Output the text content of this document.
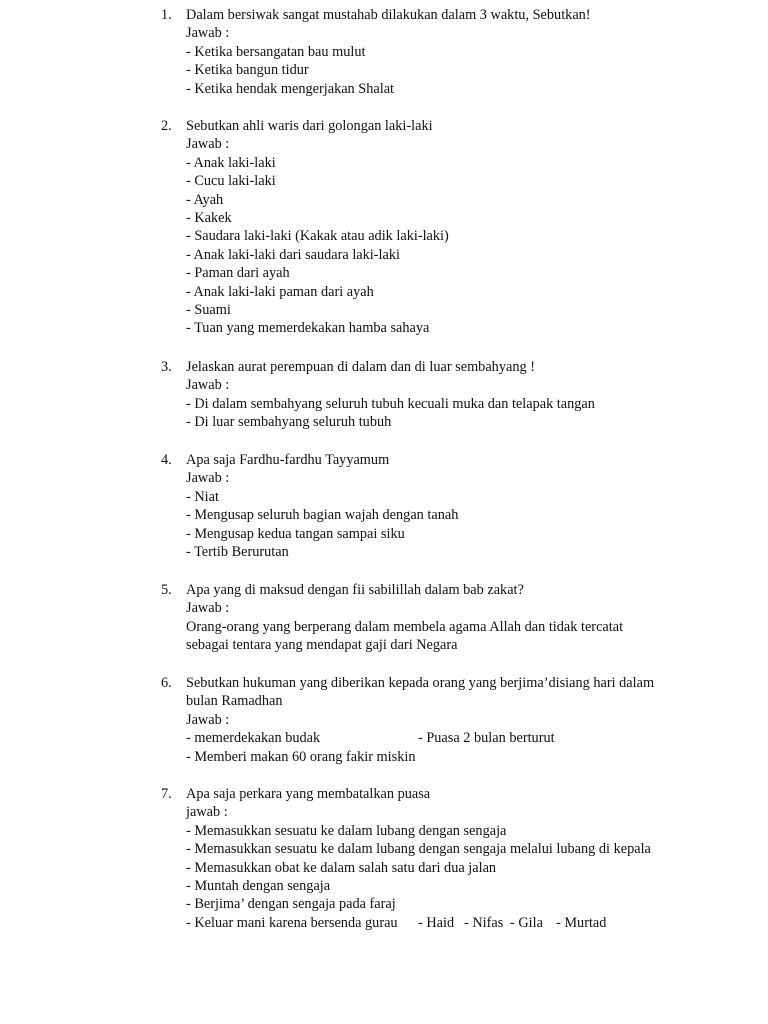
1. Dalam bersiwak sangat mustahab dilakukan dalam 3 waktu, Sebutkan!
Jawab :
- Ketika bersangatan bau mulut
- Ketika bangun tidur
- Ketika hendak mengerjakan Shalat
2. Sebutkan ahli waris dari golongan laki-laki
Jawab :
- Anak laki-laki
- Cucu laki-laki
- Ayah
- Kakek
- Saudara laki-laki (Kakak atau adik laki-laki)
- Anak laki-laki dari saudara laki-laki
- Paman dari ayah
- Anak laki-laki paman dari ayah
- Suami
- Tuan yang memerdekakan hamba sahaya
3. Jelaskan aurat perempuan di dalam dan di luar sembahyang !
Jawab :
- Di dalam sembahyang seluruh tubuh kecuali muka dan telapak tangan
- Di luar sembahyang seluruh tubuh
4. Apa saja Fardhu-fardhu Tayyamum
Jawab :
- Niat
- Mengusap seluruh bagian wajah dengan tanah
- Mengusap kedua tangan sampai siku
- Tertib Berurutan
5. Apa yang di maksud dengan fii sabilillah dalam bab zakat?
Jawab :
Orang-orang yang berperang dalam membela agama Allah dan tidak tercatat
sebagai tentara yang mendapat gaji dari Negara
6. Sebutkan hukuman yang diberikan kepada orang yang berjima’disiang hari dalam bulan Ramadhan
Jawab :
- memerdekakan budak	- Puasa 2 bulan berturut
- Memberi makan 60 orang fakir miskin
7. Apa saja perkara yang membatalkan puasa
jawab :
- Memasukkan sesuatu ke dalam lubang dengan sengaja
- Memasukkan sesuatu ke dalam lubang dengan sengaja melalui lubang di kepala
- Memasukkan obat ke dalam salah satu dari dua jalan
- Muntah dengan sengaja
- Berjima’ dengan sengaja pada faraj
- Keluar mani karena bersenda gurau - Haid - Nifas - Gila - Murtad
